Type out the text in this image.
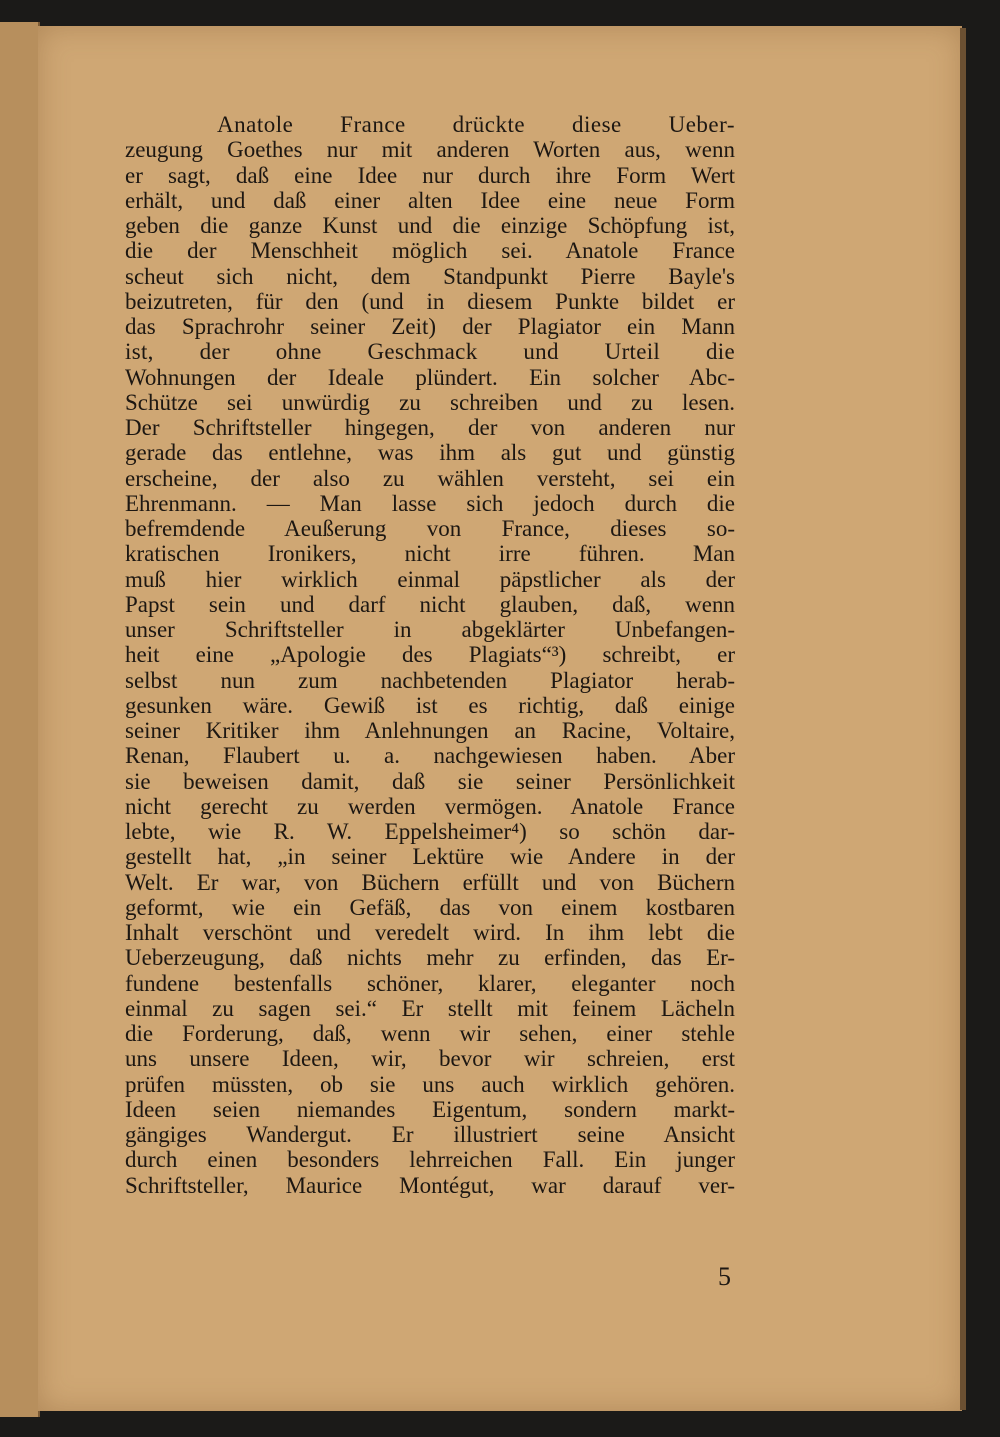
Anatole France drückte diese Ueber-
zeugung Goethes nur mit anderen Worten aus, wenn
er sagt, daß eine Idee nur durch ihre Form Wert
erhält, und daß einer alten Idee eine neue Form
geben die ganze Kunst und die einzige Schöpfung ist,
die der Menschheit möglich sei. Anatole France
scheut sich nicht, dem Standpunkt Pierre Bayle's
beizutreten, für den (und in diesem Punkte bildet er
das Sprachrohr seiner Zeit) der Plagiator ein Mann
ist, der ohne Geschmack und Urteil die
Wohnungen der Ideale plündert. Ein solcher Abc-
Schütze sei unwürdig zu schreiben und zu lesen.
Der Schriftsteller hingegen, der von anderen nur
gerade das entlehne, was ihm als gut und günstig
erscheine, der also zu wählen versteht, sei ein
Ehrenmann. — Man lasse sich jedoch durch die
befremdende Aeußerung von France, dieses so-
kratischen Ironikers, nicht irre führen. Man
muß hier wirklich einmal päpstlicher als der
Papst sein und darf nicht glauben, daß, wenn
unser Schriftsteller in abgeklärter Unbefangen-
heit eine „Apologie des Plagiats“³) schreibt, er
selbst nun zum nachbetenden Plagiator herab-
gesunken wäre. Gewiß ist es richtig, daß einige
seiner Kritiker ihm Anlehnungen an Racine, Voltaire,
Renan, Flaubert u. a. nachgewiesen haben. Aber
sie beweisen damit, daß sie seiner Persönlichkeit
nicht gerecht zu werden vermögen. Anatole France
lebte, wie R. W. Eppelsheimer⁴) so schön dar-
gestellt hat, „in seiner Lektüre wie Andere in der
Welt. Er war, von Büchern erfüllt und von Büchern
geformt, wie ein Gefäß, das von einem kostbaren
Inhalt verschönt und veredelt wird. In ihm lebt die
Ueberzeugung, daß nichts mehr zu erfinden, das Er-
fundene bestenfalls schöner, klarer, eleganter noch
einmal zu sagen sei.“ Er stellt mit feinem Lächeln
die Forderung, daß, wenn wir sehen, einer stehle
uns unsere Ideen, wir, bevor wir schreien, erst
prüfen müssten, ob sie uns auch wirklich gehören.
Ideen seien niemandes Eigentum, sondern markt-
gängiges Wandergut. Er illustriert seine Ansicht
durch einen besonders lehrreichen Fall. Ein junger
Schriftsteller, Maurice Montégut, war darauf ver-
5
